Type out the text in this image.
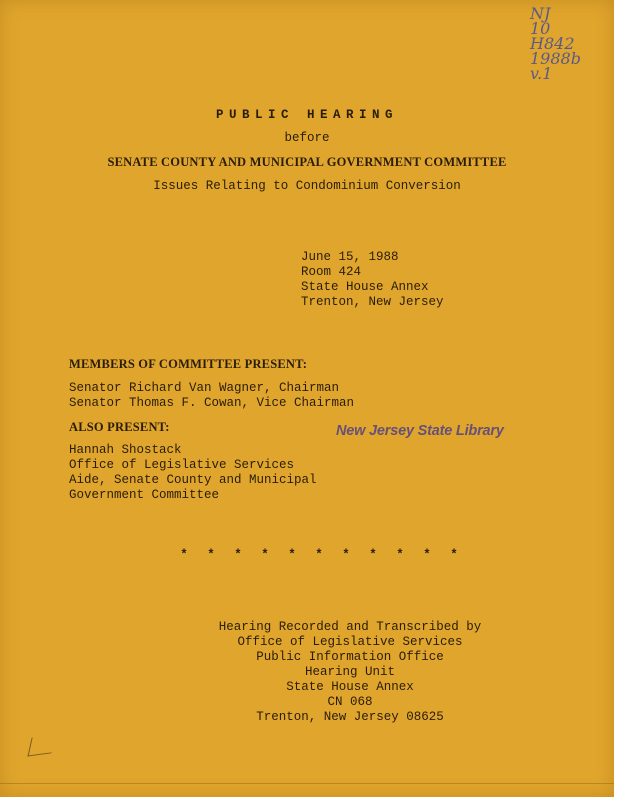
NJ
10
H842
1988b
v.1
PUBLIC HEARING
before
SENATE COUNTY AND MUNICIPAL GOVERNMENT COMMITTEE
Issues Relating to Condominium Conversion
June 15, 1988
Room 424
State House Annex
Trenton, New Jersey
MEMBERS OF COMMITTEE PRESENT:
Senator Richard Van Wagner, Chairman
Senator Thomas F. Cowan, Vice Chairman
ALSO PRESENT:
Hannah Shostack
Office of Legislative Services
Aide, Senate County and Municipal
Government Committee
New Jersey State Library
* * * * * * * * * * *
Hearing Recorded and Transcribed by
Office of Legislative Services
Public Information Office
Hearing Unit
State House Annex
CN 068
Trenton, New Jersey 08625
